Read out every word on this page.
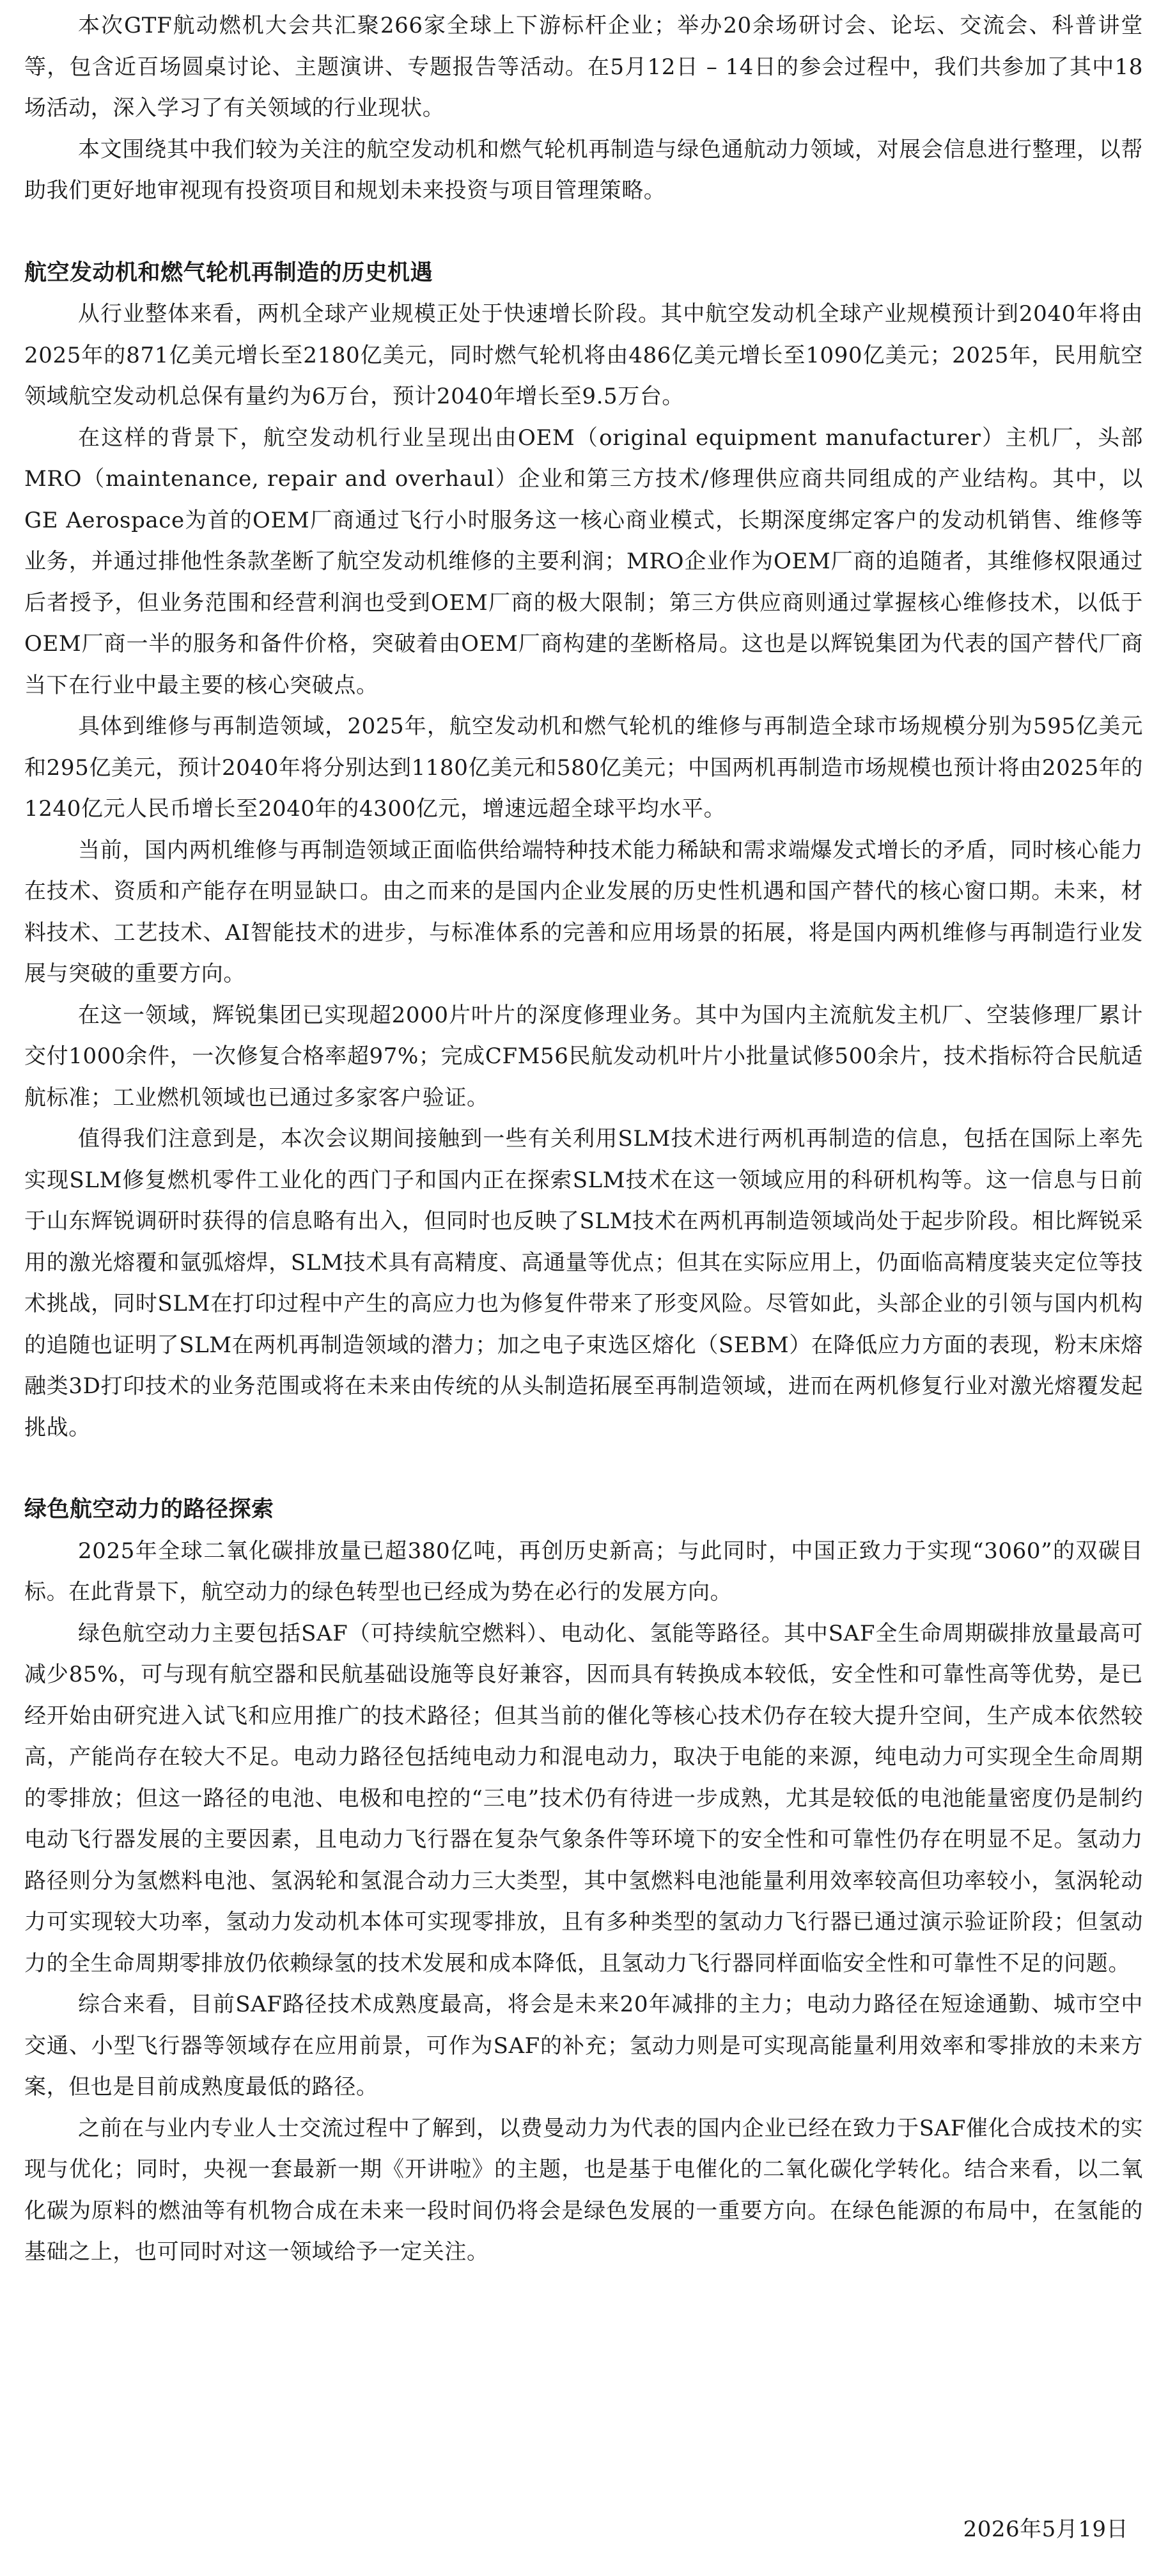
本次GTF航动燃机大会共汇聚266家全球上下游标杆企业；举办20余场研讨会、论坛、交流会、科普讲堂等，包含近百场圆桌讨论、主题演讲、专题报告等活动。在5月12日 – 14日的参会过程中，我们共参加了其中18场活动，深入学习了有关领域的行业现状。

本文围绕其中我们较为关注的航空发动机和燃气轮机再制造与绿色通航动力领域，对展会信息进行整理，以帮助我们更好地审视现有投资项目和规划未来投资与项目管理策略。

航空发动机和燃气轮机再制造的历史机遇

从行业整体来看，两机全球产业规模正处于快速增长阶段。其中航空发动机全球产业规模预计到2040年将由2025年的871亿美元增长至2180亿美元，同时燃气轮机将由486亿美元增长至1090亿美元；2025年，民用航空领域航空发动机总保有量约为6万台，预计2040年增长至9.5万台。

在这样的背景下，航空发动机行业呈现出由OEM（original equipment manufacturer）主机厂，头部MRO（maintenance, repair and overhaul）企业和第三方技术/修理供应商共同组成的产业结构。其中，以GE Aerospace为首的OEM厂商通过飞行小时服务这一核心商业模式，长期深度绑定客户的发动机销售、维修等业务，并通过排他性条款垄断了航空发动机维修的主要利润；MRO企业作为OEM厂商的追随者，其维修权限通过后者授予，但业务范围和经营利润也受到OEM厂商的极大限制；第三方供应商则通过掌握核心维修技术，以低于OEM厂商一半的服务和备件价格，突破着由OEM厂商构建的垄断格局。这也是以辉锐集团为代表的国产替代厂商当下在行业中最主要的核心突破点。

具体到维修与再制造领域，2025年，航空发动机和燃气轮机的维修与再制造全球市场规模分别为595亿美元和295亿美元，预计2040年将分别达到1180亿美元和580亿美元；中国两机再制造市场规模也预计将由2025年的1240亿元人民币增长至2040年的4300亿元，增速远超全球平均水平。

当前，国内两机维修与再制造领域正面临供给端特种技术能力稀缺和需求端爆发式增长的矛盾，同时核心能力在技术、资质和产能存在明显缺口。由之而来的是国内企业发展的历史性机遇和国产替代的核心窗口期。未来，材料技术、工艺技术、AI智能技术的进步，与标准体系的完善和应用场景的拓展，将是国内两机维修与再制造行业发展与突破的重要方向。

在这一领域，辉锐集团已实现超2000片叶片的深度修理业务。其中为国内主流航发主机厂、空装修理厂累计交付1000余件，一次修复合格率超97%；完成CFM56民航发动机叶片小批量试修500余片，技术指标符合民航适航标准；工业燃机领域也已通过多家客户验证。

值得我们注意到是，本次会议期间接触到一些有关利用SLM技术进行两机再制造的信息，包括在国际上率先实现SLM修复燃机零件工业化的西门子和国内正在探索SLM技术在这一领域应用的科研机构等。这一信息与日前于山东辉锐调研时获得的信息略有出入，但同时也反映了SLM技术在两机再制造领域尚处于起步阶段。相比辉锐采用的激光熔覆和氩弧熔焊，SLM技术具有高精度、高通量等优点；但其在实际应用上，仍面临高精度装夹定位等技术挑战，同时SLM在打印过程中产生的高应力也为修复件带来了形变风险。尽管如此，头部企业的引领与国内机构的追随也证明了SLM在两机再制造领域的潜力；加之电子束选区熔化（SEBM）在降低应力方面的表现，粉末床熔融类3D打印技术的业务范围或将在未来由传统的从头制造拓展至再制造领域，进而在两机修复行业对激光熔覆发起挑战。

绿色航空动力的路径探索

2025年全球二氧化碳排放量已超380亿吨，再创历史新高；与此同时，中国正致力于实现“3060”的双碳目标。在此背景下，航空动力的绿色转型也已经成为势在必行的发展方向。

绿色航空动力主要包括SAF（可持续航空燃料）、电动化、氢能等路径。其中SAF全生命周期碳排放量最高可减少85%，可与现有航空器和民航基础设施等良好兼容，因而具有转换成本较低，安全性和可靠性高等优势，是已经开始由研究进入试飞和应用推广的技术路径；但其当前的催化等核心技术仍存在较大提升空间，生产成本依然较高，产能尚存在较大不足。电动力路径包括纯电动力和混电动力，取决于电能的来源，纯电动力可实现全生命周期的零排放；但这一路径的电池、电极和电控的“三电”技术仍有待进一步成熟，尤其是较低的电池能量密度仍是制约电动飞行器发展的主要因素，且电动力飞行器在复杂气象条件等环境下的安全性和可靠性仍存在明显不足。氢动力路径则分为氢燃料电池、氢涡轮和氢混合动力三大类型，其中氢燃料电池能量利用效率较高但功率较小，氢涡轮动力可实现较大功率，氢动力发动机本体可实现零排放，且有多种类型的氢动力飞行器已通过演示验证阶段；但氢动力的全生命周期零排放仍依赖绿氢的技术发展和成本降低，且氢动力飞行器同样面临安全性和可靠性不足的问题。

综合来看，目前SAF路径技术成熟度最高，将会是未来20年减排的主力；电动力路径在短途通勤、城市空中交通、小型飞行器等领域存在应用前景，可作为SAF的补充；氢动力则是可实现高能量利用效率和零排放的未来方案，但也是目前成熟度最低的路径。

之前在与业内专业人士交流过程中了解到，以费曼动力为代表的国内企业已经在致力于SAF催化合成技术的实现与优化；同时，央视一套最新一期《开讲啦》的主题，也是基于电催化的二氧化碳化学转化。结合来看，以二氧化碳为原料的燃油等有机物合成在未来一段时间仍将会是绿色发展的一重要方向。在绿色能源的布局中，在氢能的基础之上，也可同时对这一领域给予一定关注。

2026年5月19日
